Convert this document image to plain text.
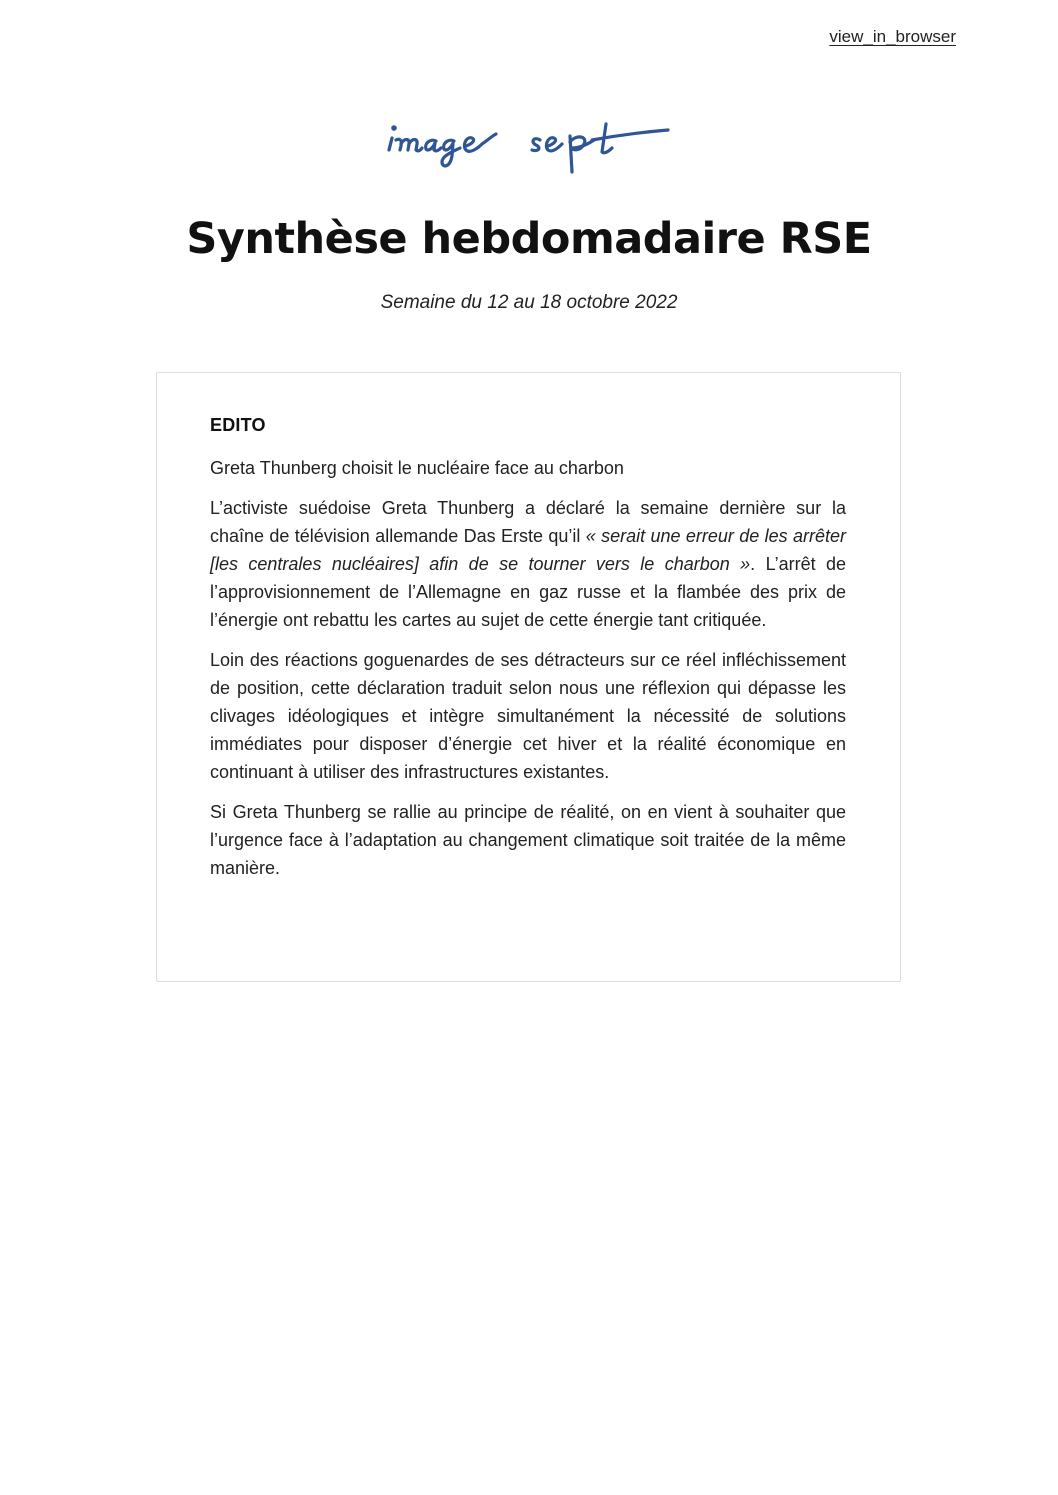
view_in_browser
Synthèse hebdomadaire RSE

Semaine du 12 au 18 octobre 2022

EDITO

Greta Thunberg choisit le nucléaire face au charbon

L’activiste suédoise Greta Thunberg a déclaré la semaine dernière sur la chaîne de télévision allemande Das Erste qu’il « serait une erreur de les arrêter [les centrales nucléaires] afin de se tourner vers le charbon ». L’arrêt de l’approvisionnement de l’Allemagne en gaz russe et la flambée des prix de l’énergie ont rebattu les cartes au sujet de cette énergie tant critiquée.

Loin des réactions goguenardes de ses détracteurs sur ce réel infléchissement de position, cette déclaration traduit selon nous une réflexion qui dépasse les clivages idéologiques et intègre simultanément la nécessité de solutions immédiates pour disposer d’énergie cet hiver et la réalité économique en continuant à utiliser des infrastructures existantes.

Si Greta Thunberg se rallie au principe de réalité, on en vient à souhaiter que l’urgence face à l’adaptation au changement climatique soit traitée de la même manière.
